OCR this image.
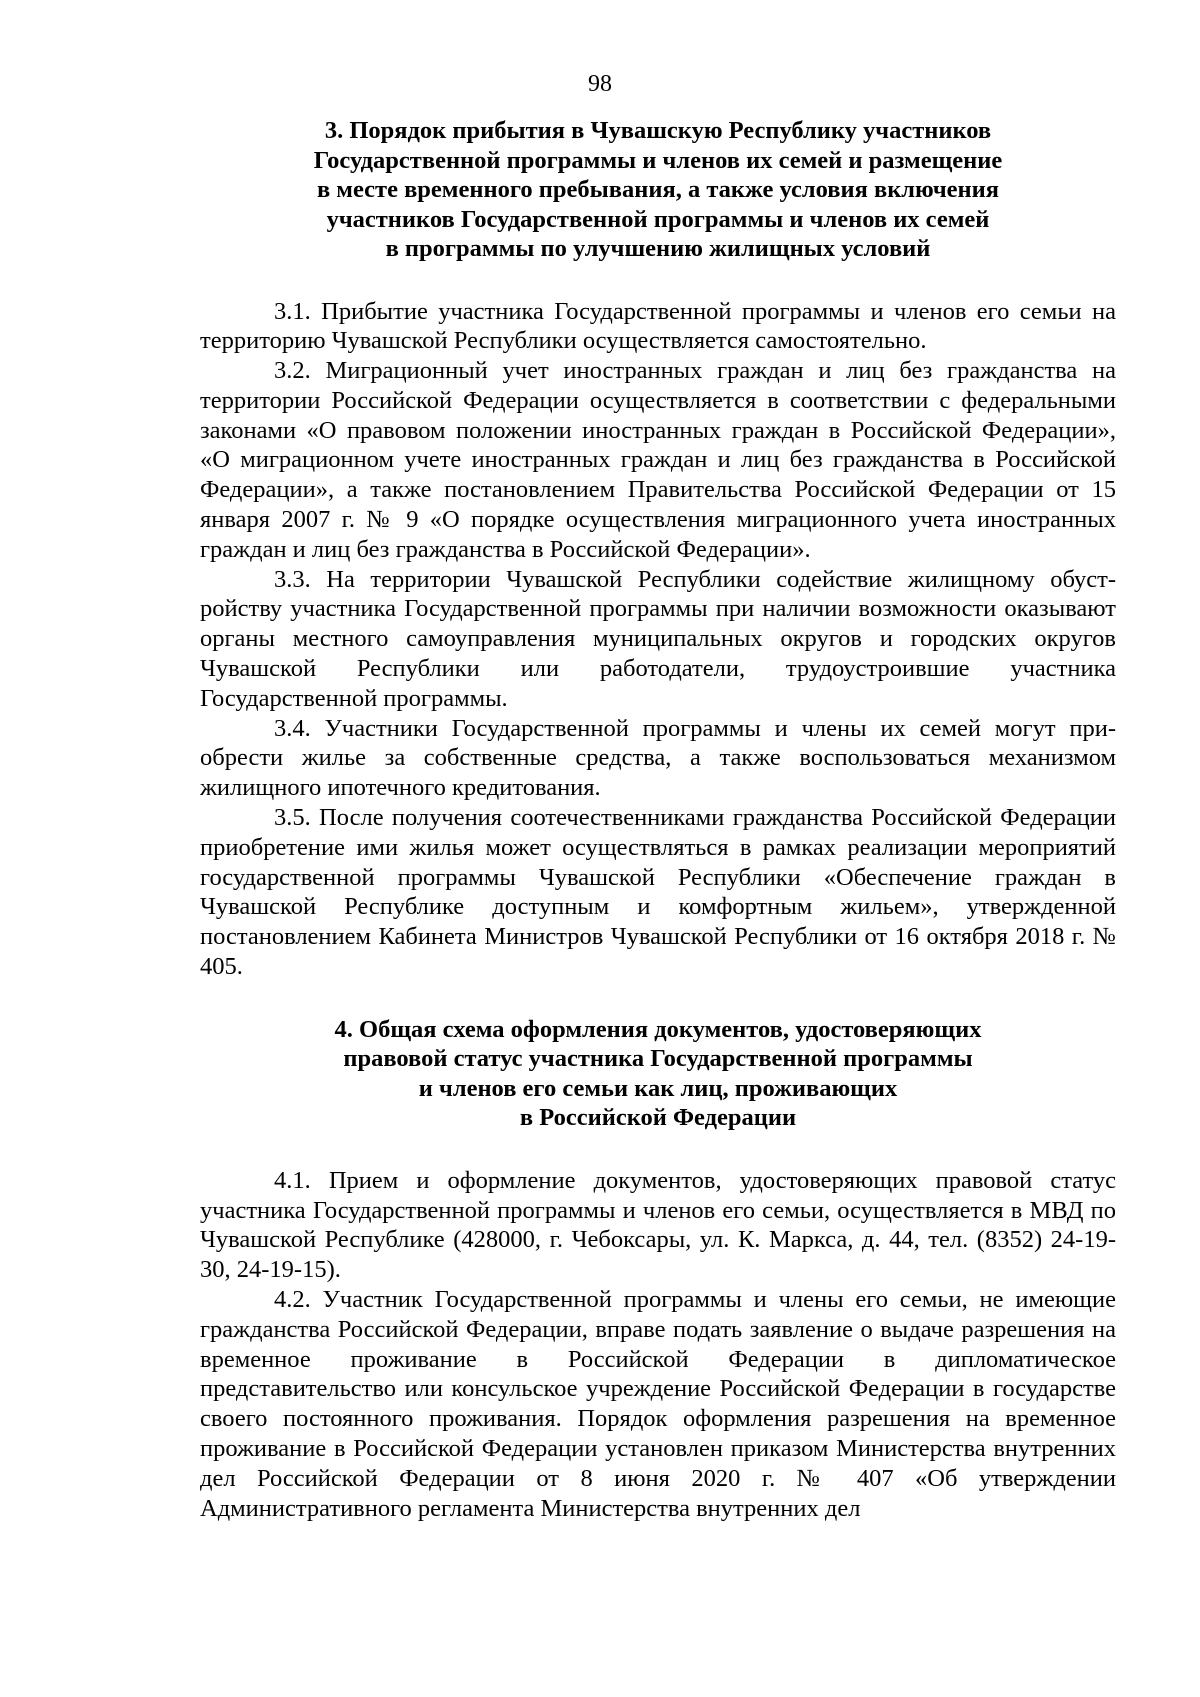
98
3. Порядок прибытия в Чувашскую Республику участников
Государственной программы и членов их семей и размещение
в месте временного пребывания, а также условия включения
участников Государственной программы и членов их семей
в программы по улучшению жилищных условий

3.1. Прибытие участника Государственной программы и членов его семьи на территорию Чувашской Республики осуществляется самостоятельно.

3.2. Миграционный учет иностранных граждан и лиц без гражданства на территории Российской Федерации осуществляется в соответствии с федеральными законами «О правовом положении иностранных граждан в Российской Федерации», «О миграционном учете иностранных граждан и лиц без гражданства в Российской Федерации», а также постановлением Правительства Российской Федерации от 15 января 2007 г. № 9 «О порядке осуществления миграционного учета иностранных граждан и лиц без гражданства в Российской Федерации».

3.3. На территории Чувашской Республики содействие жилищному обустройству участника Государственной программы при наличии возможности оказывают органы местного самоуправления муниципальных округов и городских округов Чувашской Республики или работодатели, трудоустроившие участника Государственной программы.

3.4. Участники Государственной программы и члены их семей могут приобрести жилье за собственные средства, а также воспользоваться механизмом жилищного ипотечного кредитования.

3.5. После получения соотечественниками гражданства Российской Федерации приобретение ими жилья может осуществляться в рамках реализации мероприятий государственной программы Чувашской Республики «Обеспечение граждан в Чувашской Республике доступным и комфортным жильем», утвержденной постановлением Кабинета Министров Чувашской Республики от 16 октября 2018 г. № 405.

4. Общая схема оформления документов, удостоверяющих
правовой статус участника Государственной программы
и членов его семьи как лиц, проживающих
в Российской Федерации

4.1. Прием и оформление документов, удостоверяющих правовой статус участника Государственной программы и членов его семьи, осуществляется в МВД по Чувашской Республике (428000, г. Чебоксары, ул. К. Маркса, д. 44, тел. (8352) 24-19-30, 24-19-15).

4.2. Участник Государственной программы и члены его семьи, не имеющие гражданства Российской Федерации, вправе подать заявление о выдаче разрешения на временное проживание в Российской Федерации в дипломатическое представительство или консульское учреждение Российской Федерации в государстве своего постоянного проживания. Порядок оформления разрешения на временное проживание в Российской Федерации установлен приказом Министерства внутренних дел Российской Федерации от 8 июня 2020 г. № 407 «Об утверждении Административного регламента Министерства внутренних дел
